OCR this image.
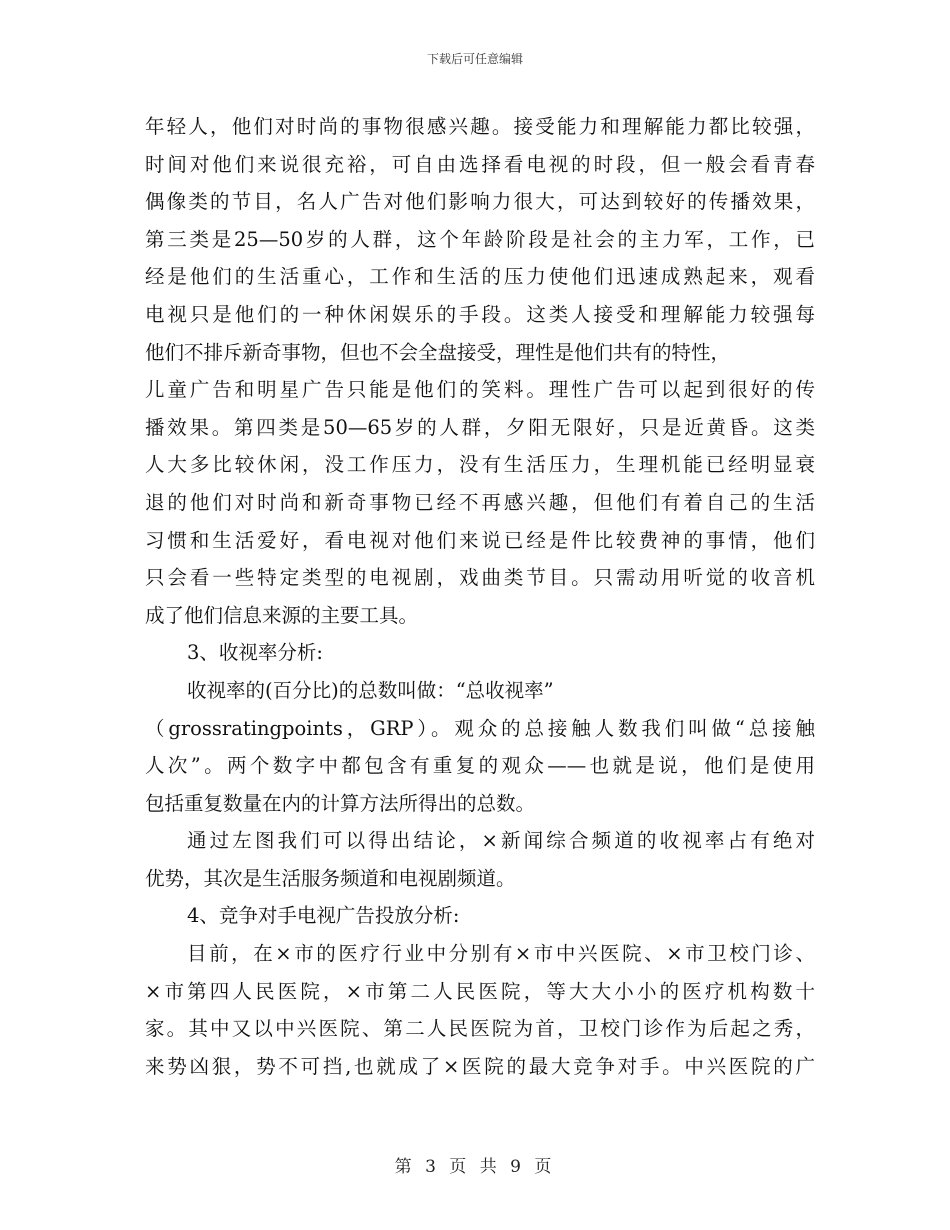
下载后可任意编辑
年轻人，他们对时尚的事物很感兴趣。接受能力和理解能力都比较强，
时间对他们来说很充裕，可自由选择看电视的时段，但一般会看青春
偶像类的节目，名人广告对他们影响力很大，可达到较好的传播效果，
第三类是25—50岁的人群，这个年龄阶段是社会的主力军，工作，已
经是他们的生活重心，工作和生活的压力使他们迅速成熟起来，观看
电视只是他们的一种休闲娱乐的手段。这类人接受和理解能力较强每
他们不排斥新奇事物，但也不会全盘接受，理性是他们共有的特性，
儿童广告和明星广告只能是他们的笑料。理性广告可以起到很好的传
播效果。第四类是50—65岁的人群，夕阳无限好，只是近黄昏。这类
人大多比较休闲，没工作压力，没有生活压力，生理机能已经明显衰
退的他们对时尚和新奇事物已经不再感兴趣，但他们有着自己的生活
习惯和生活爱好，看电视对他们来说已经是件比较费神的事情，他们
只会看一些特定类型的电视剧，戏曲类节目。只需动用听觉的收音机
成了他们信息来源的主要工具。
3、收视率分析:
收视率的(百分比)的总数叫做：“总收视率”
（grossratingpoints，GRP）。观众的总接触人数我们叫做“总接触
人次”。两个数字中都包含有重复的观众——也就是说，他们是使用
包括重复数量在内的计算方法所得出的总数。
通过左图我们可以得出结论，×新闻综合频道的收视率占有绝对
优势，其次是生活服务频道和电视剧频道。
4、竞争对手电视广告投放分析:
目前，在×市的医疗行业中分别有×市中兴医院、×市卫校门诊、
×市第四人民医院，×市第二人民医院，等大大小小的医疗机构数十
家。其中又以中兴医院、第二人民医院为首，卫校门诊作为后起之秀，
来势凶狠，势不可挡,也就成了×医院的最大竞争对手。中兴医院的广
第 3 页 共 9 页
